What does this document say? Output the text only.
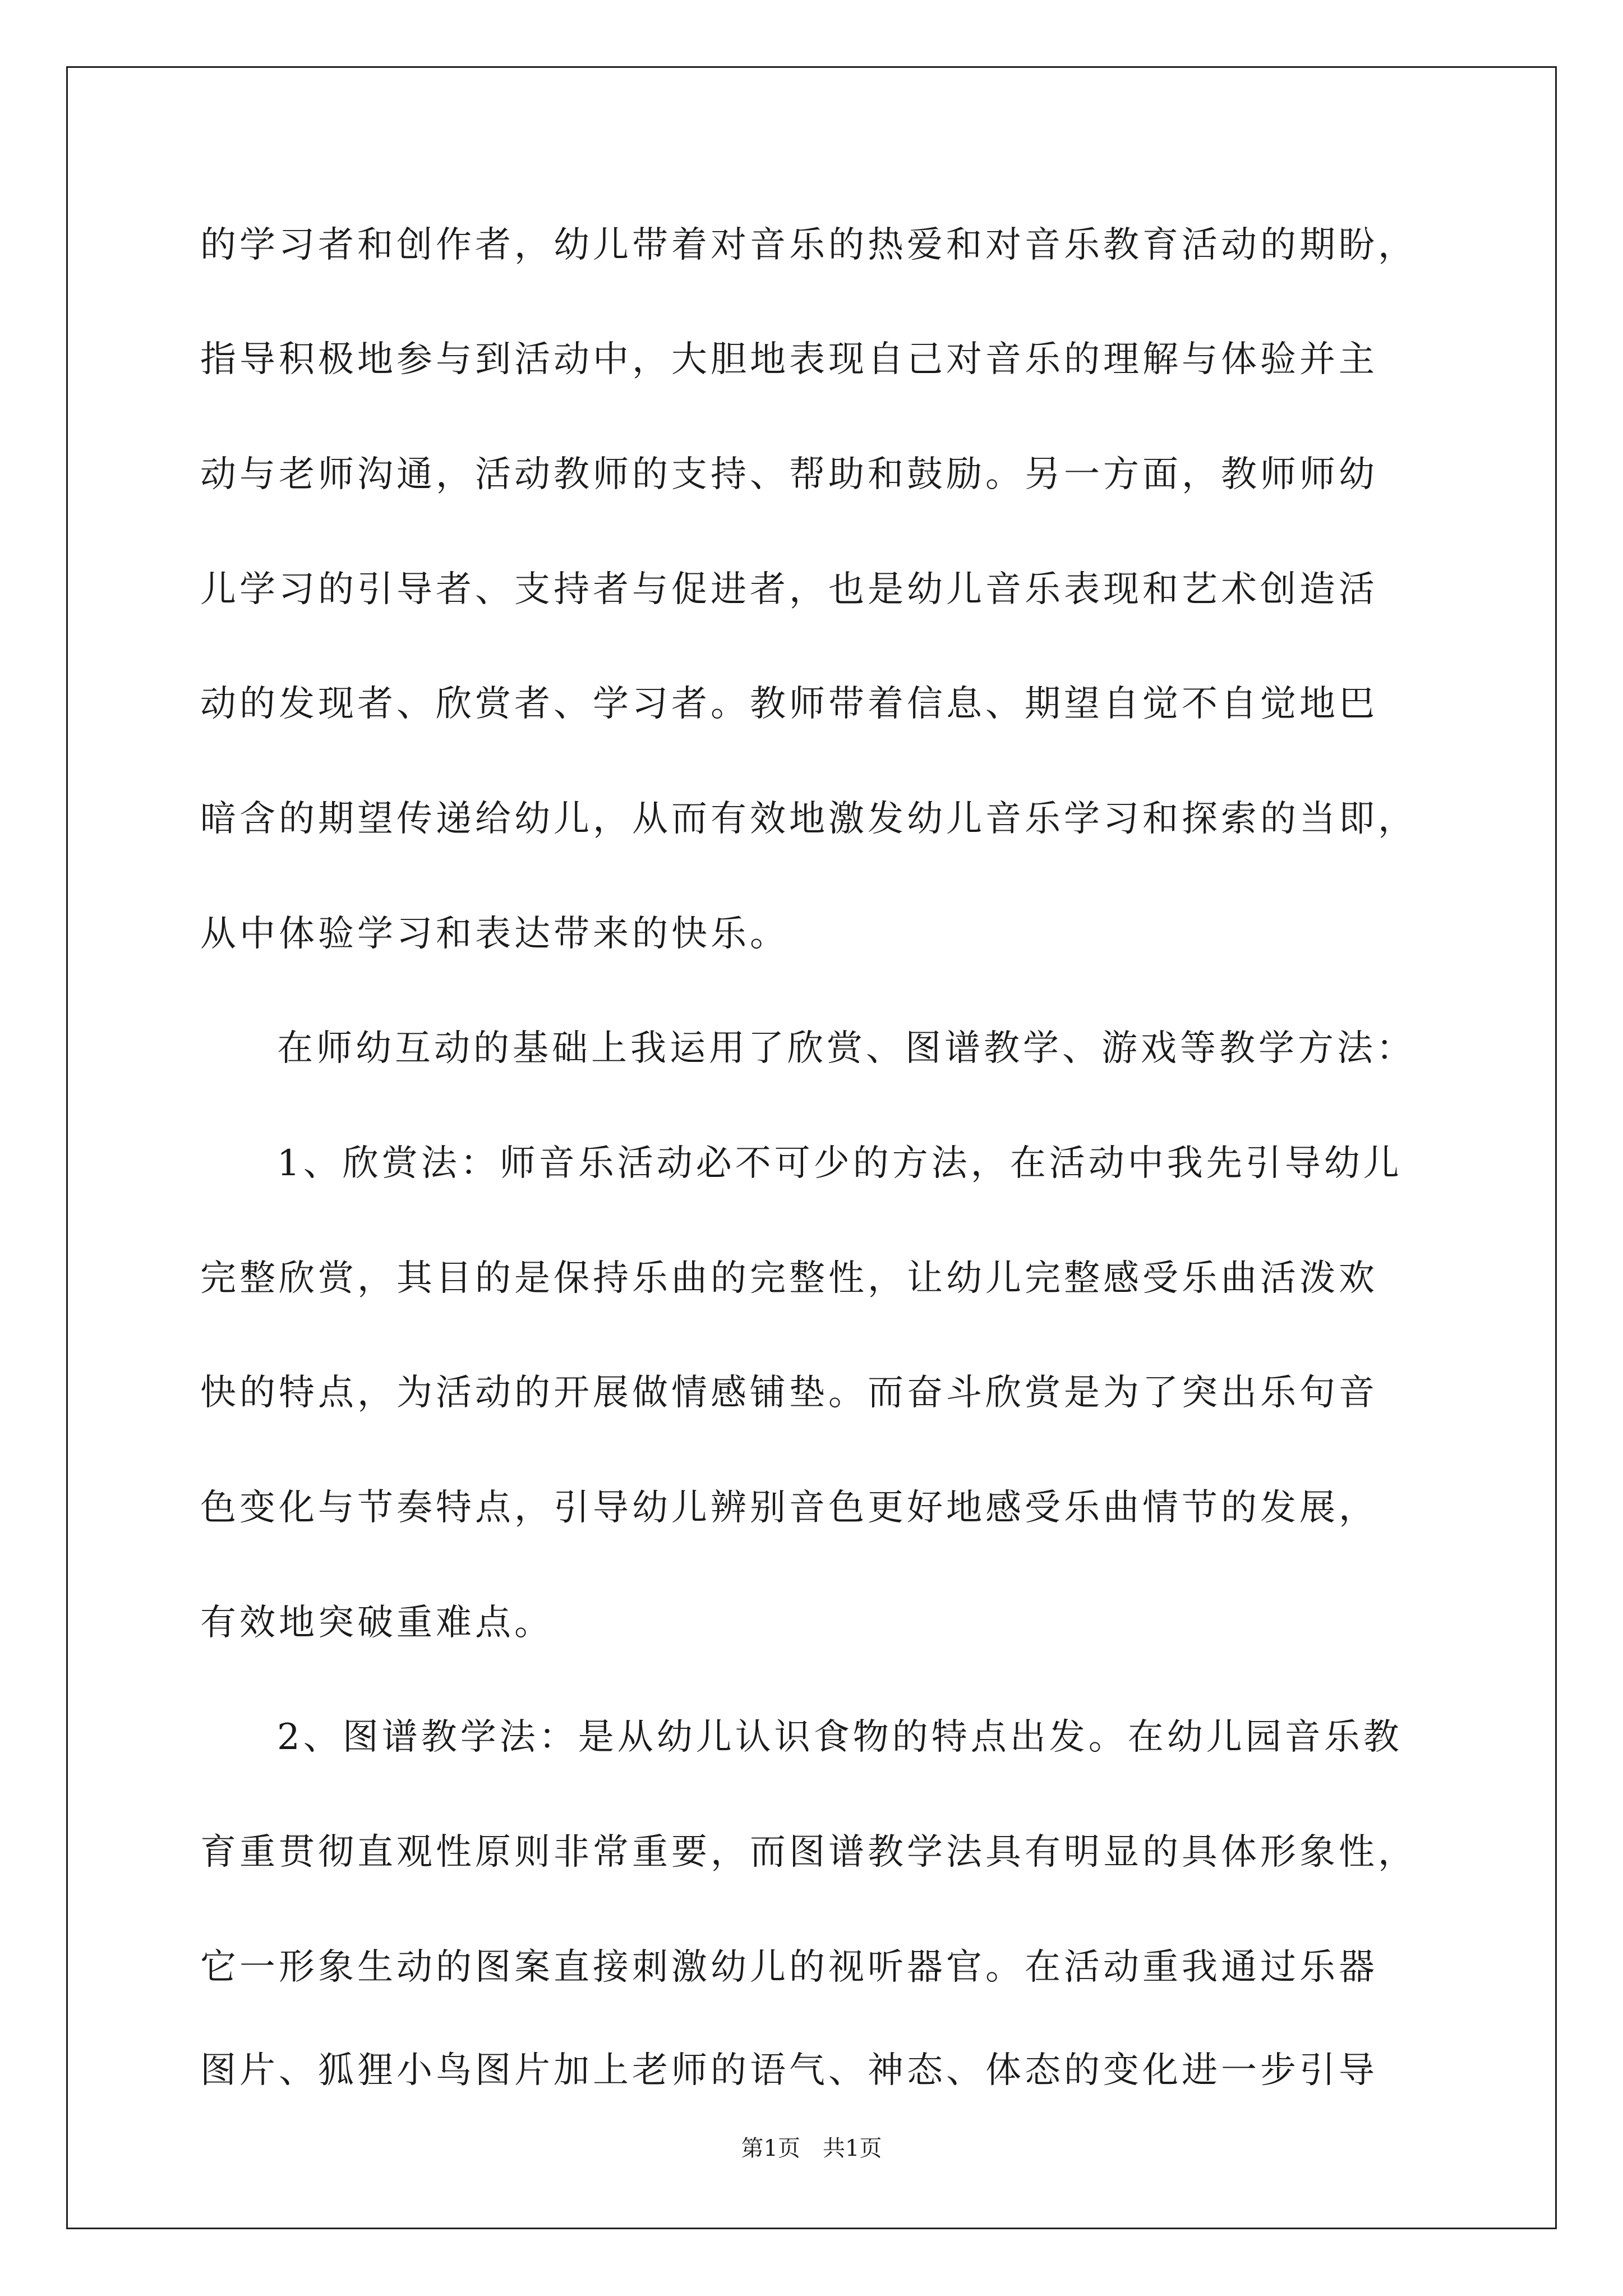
的学习者和创作者，幼儿带着对音乐的热爱和对音乐教育活动的期盼，
指导积极地参与到活动中，大胆地表现自己对音乐的理解与体验并主
动与老师沟通，活动教师的支持、帮助和鼓励。另一方面，教师师幼
儿学习的引导者、支持者与促进者，也是幼儿音乐表现和艺术创造活
动的发现者、欣赏者、学习者。教师带着信息、期望自觉不自觉地巴
暗含的期望传递给幼儿，从而有效地激发幼儿音乐学习和探索的当即，
从中体验学习和表达带来的快乐。
在师幼互动的基础上我运用了欣赏、图谱教学、游戏等教学方法：
1、欣赏法：师音乐活动必不可少的方法，在活动中我先引导幼儿
完整欣赏，其目的是保持乐曲的完整性，让幼儿完整感受乐曲活泼欢
快的特点，为活动的开展做情感铺垫。而奋斗欣赏是为了突出乐句音
色变化与节奏特点，引导幼儿辨别音色更好地感受乐曲情节的发展，
有效地突破重难点。
2、图谱教学法：是从幼儿认识食物的特点出发。在幼儿园音乐教
育重贯彻直观性原则非常重要，而图谱教学法具有明显的具体形象性，
它一形象生动的图案直接刺激幼儿的视听器官。在活动重我通过乐器
图片、狐狸小鸟图片加上老师的语气、神态、体态的变化进一步引导
第1页　共1页
